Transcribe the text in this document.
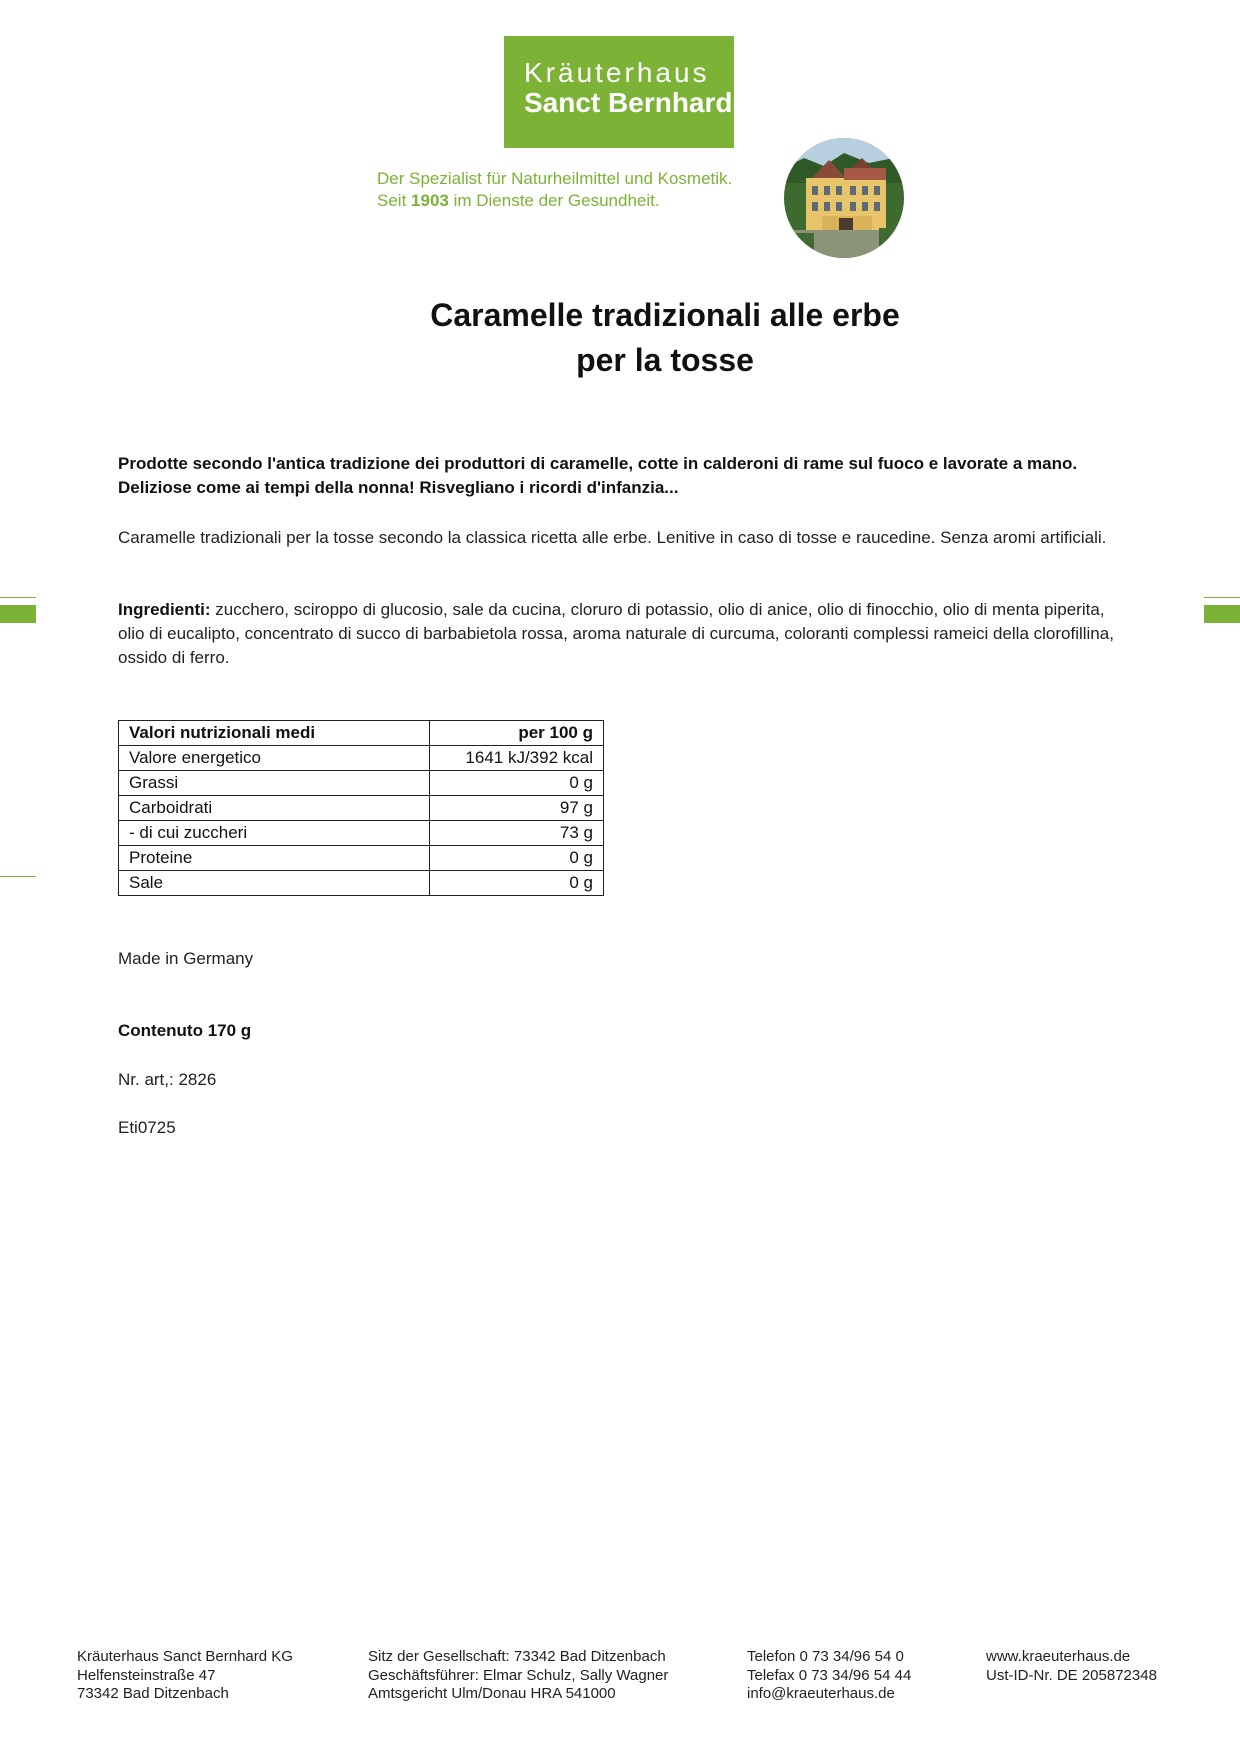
Kräuterhaus
Sanct Bernhard
Der Spezialist für Naturheilmittel und Kosmetik.
Seit 1903 im Dienste der Gesundheit.
Caramelle tradizionali alle erbe
per la tosse
Prodotte secondo l'antica tradizione dei produttori di caramelle, cotte in calderoni di rame sul fuoco e lavorate a mano.
Deliziose come ai tempi della nonna! Risvegliano i ricordi d'infanzia...
Caramelle tradizionali per la tosse secondo la classica ricetta alle erbe. Lenitive in caso di tosse e raucedine. Senza aromi artificiali.
Ingredienti: zucchero, sciroppo di glucosio, sale da cucina, cloruro di potassio, olio di anice, olio di finocchio, olio di menta piperita, olio di eucalipto, concentrato di succo di barbabietola rossa, aroma naturale di curcuma, coloranti complessi rameici della clorofillina, ossido di ferro.
Valori nutrizionali medi	per 100 g
Valore energetico	1641 kJ/392 kcal
Grassi	0 g
Carboidrati	97 g
- di cui zuccheri	73 g
Proteine	0 g
Sale	0 g
Made in Germany
Contenuto 170 g
Nr. art,: 2826
Eti0725
Kräuterhaus Sanct Bernhard KG
Helfensteinstraße 47
73342 Bad Ditzenbach
Sitz der Gesellschaft: 73342 Bad Ditzenbach
Geschäftsführer: Elmar Schulz, Sally Wagner
Amtsgericht Ulm/Donau HRA 541000
Telefon 0 73 34/96 54 0
Telefax 0 73 34/96 54 44
info@kraeuterhaus.de
www.kraeuterhaus.de
Ust-ID-Nr. DE 205872348
